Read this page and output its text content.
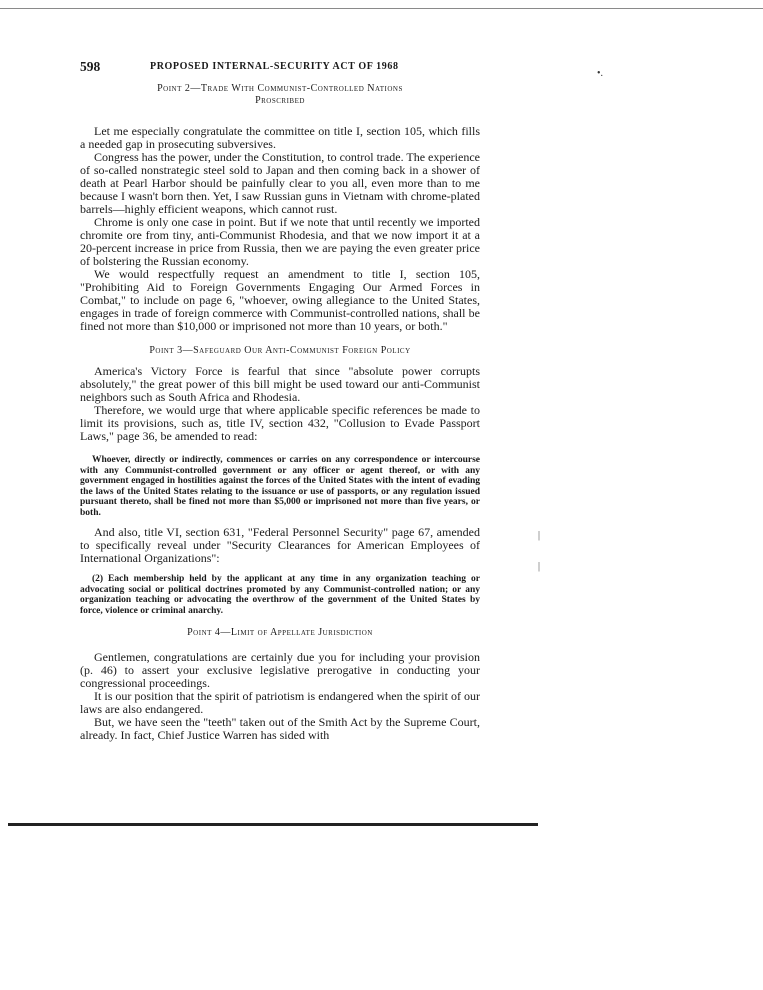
598	PROPOSED INTERNAL-SECURITY ACT OF 1968
•.
Point 2—Trade With Communist-Controlled Nations
Proscribed

Let me especially congratulate the committee on title I, section 105, which fills a needed gap in prosecuting subversives.

Congress has the power, under the Constitution, to control trade. The experience of so-called nonstrategic steel sold to Japan and then coming back in a shower of death at Pearl Harbor should be painfully clear to you all, even more than to me because I wasn't born then. Yet, I saw Russian guns in Vietnam with chrome-plated barrels—highly efficient weapons, which cannot rust.

Chrome is only one case in point. But if we note that until recently we imported chromite ore from tiny, anti-Communist Rhodesia, and that we now import it at a 20-percent increase in price from Russia, then we are paying the even greater price of bolstering the Russian economy.

We would respectfully request an amendment to title I, section 105, "Prohibiting Aid to Foreign Governments Engaging Our Armed Forces in Combat," to include on page 6, "whoever, owing allegiance to the United States, engages in trade of foreign commerce with Communist-controlled nations, shall be fined not more than $10,000 or imprisoned not more than 10 years, or both."

Point 3—Safeguard Our Anti-Communist Foreign Policy

America's Victory Force is fearful that since "absolute power corrupts absolutely," the great power of this bill might be used toward our anti-Communist neighbors such as South Africa and Rhodesia.

Therefore, we would urge that where applicable specific references be made to limit its provisions, such as, title IV, section 432, "Collusion to Evade Passport Laws," page 36, be amended to read:

Whoever, directly or indirectly, commences or carries on any correspondence or intercourse with any Communist-controlled government or any officer or agent thereof, or with any government engaged in hostilities against the forces of the United States with the intent of evading the laws of the United States relating to the issuance or use of passports, or any regulation issued pursuant thereto, shall be fined not more than $5,000 or imprisoned not more than five years, or both.

And also, title VI, section 631, "Federal Personnel Security" page 67, amended to specifically reveal under "Security Clearances for American Employees of International Organizations":

(2) Each membership held by the applicant at any time in any organization teaching or advocating social or political doctrines promoted by any Communist-controlled nation; or any organization teaching or advocating the overthrow of the government of the United States by force, violence or criminal anarchy.

Point 4—Limit of Appellate Jurisdiction

Gentlemen, congratulations are certainly due you for including your provision (p. 46) to assert your exclusive legislative prerogative in conducting your congressional proceedings.

It is our position that the spirit of patriotism is endangered when the spirit of our laws are also endangered.

But, we have seen the "teeth" taken out of the Smith Act by the Supreme Court, already. In fact, Chief Justice Warren has sided with

|
|
